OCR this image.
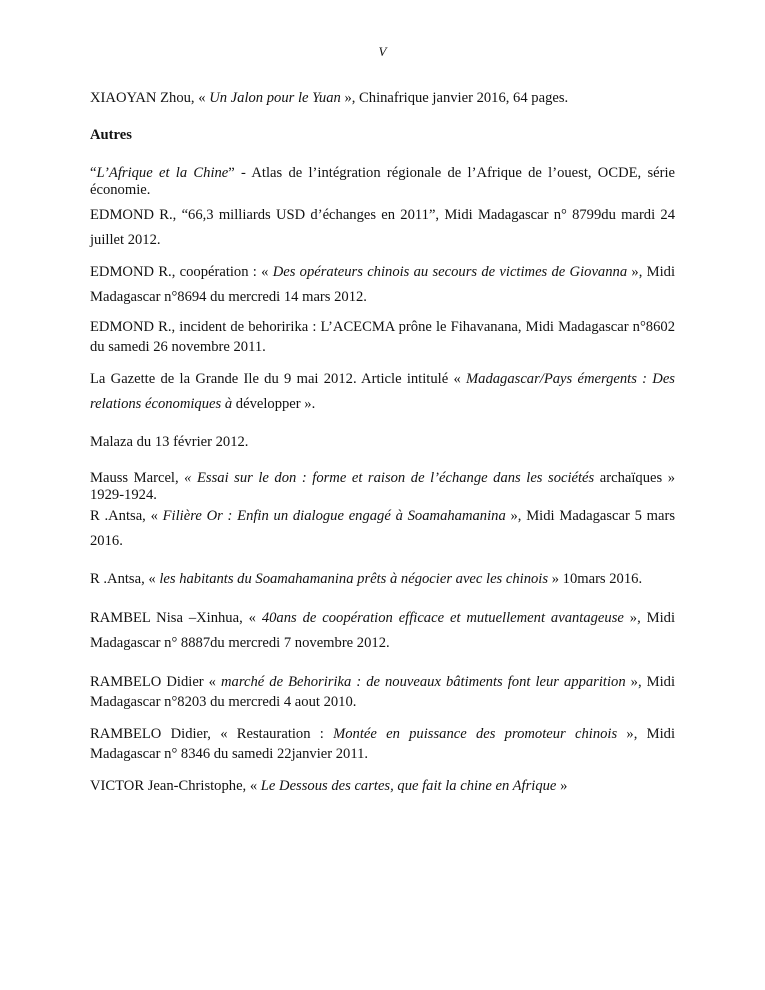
V
XIAOYAN Zhou, « Un Jalon pour le Yuan », Chinafrique janvier 2016, 64 pages.
Autres
“L’Afrique et la Chine” - Atlas de l’intégration régionale de l’Afrique de l’ouest, OCDE, série économie.
EDMOND R., “66,3 milliards USD d’échanges en 2011”, Midi Madagascar n° 8799du mardi 24 juillet 2012.
EDMOND R., coopération : « Des opérateurs chinois au secours de victimes de Giovanna », Midi Madagascar n°8694 du mercredi 14 mars 2012.
EDMOND R., incident de behoririka : L’ACECMA prône le Fihavanana, Midi Madagascar n°8602 du samedi 26 novembre 2011.
La Gazette de la Grande Ile du 9 mai 2012. Article intitulé « Madagascar/Pays émergents : Des relations économiques à développer ».
Malaza du 13 février 2012.
Mauss Marcel, « Essai sur le don : forme et raison de l’échange dans les sociétés archaïques » 1929-1924.
R .Antsa, « Filière Or : Enfin un dialogue engagé à Soamahamanina », Midi Madagascar 5 mars 2016.
R .Antsa, « les habitants du Soamahamanina prêts à négocier avec les chinois » 10mars 2016.
RAMBEL Nisa –Xinhua, « 40ans de coopération efficace et mutuellement avantageuse », Midi Madagascar n° 8887du mercredi 7 novembre 2012.
RAMBELO Didier « marché de Behoririka : de nouveaux bâtiments font leur apparition », Midi Madagascar n°8203 du mercredi 4 aout 2010.
RAMBELO Didier, « Restauration : Montée en puissance des promoteur chinois », Midi Madagascar n° 8346 du samedi 22janvier 2011.
VICTOR Jean-Christophe, « Le Dessous des cartes, que fait la chine en Afrique »
